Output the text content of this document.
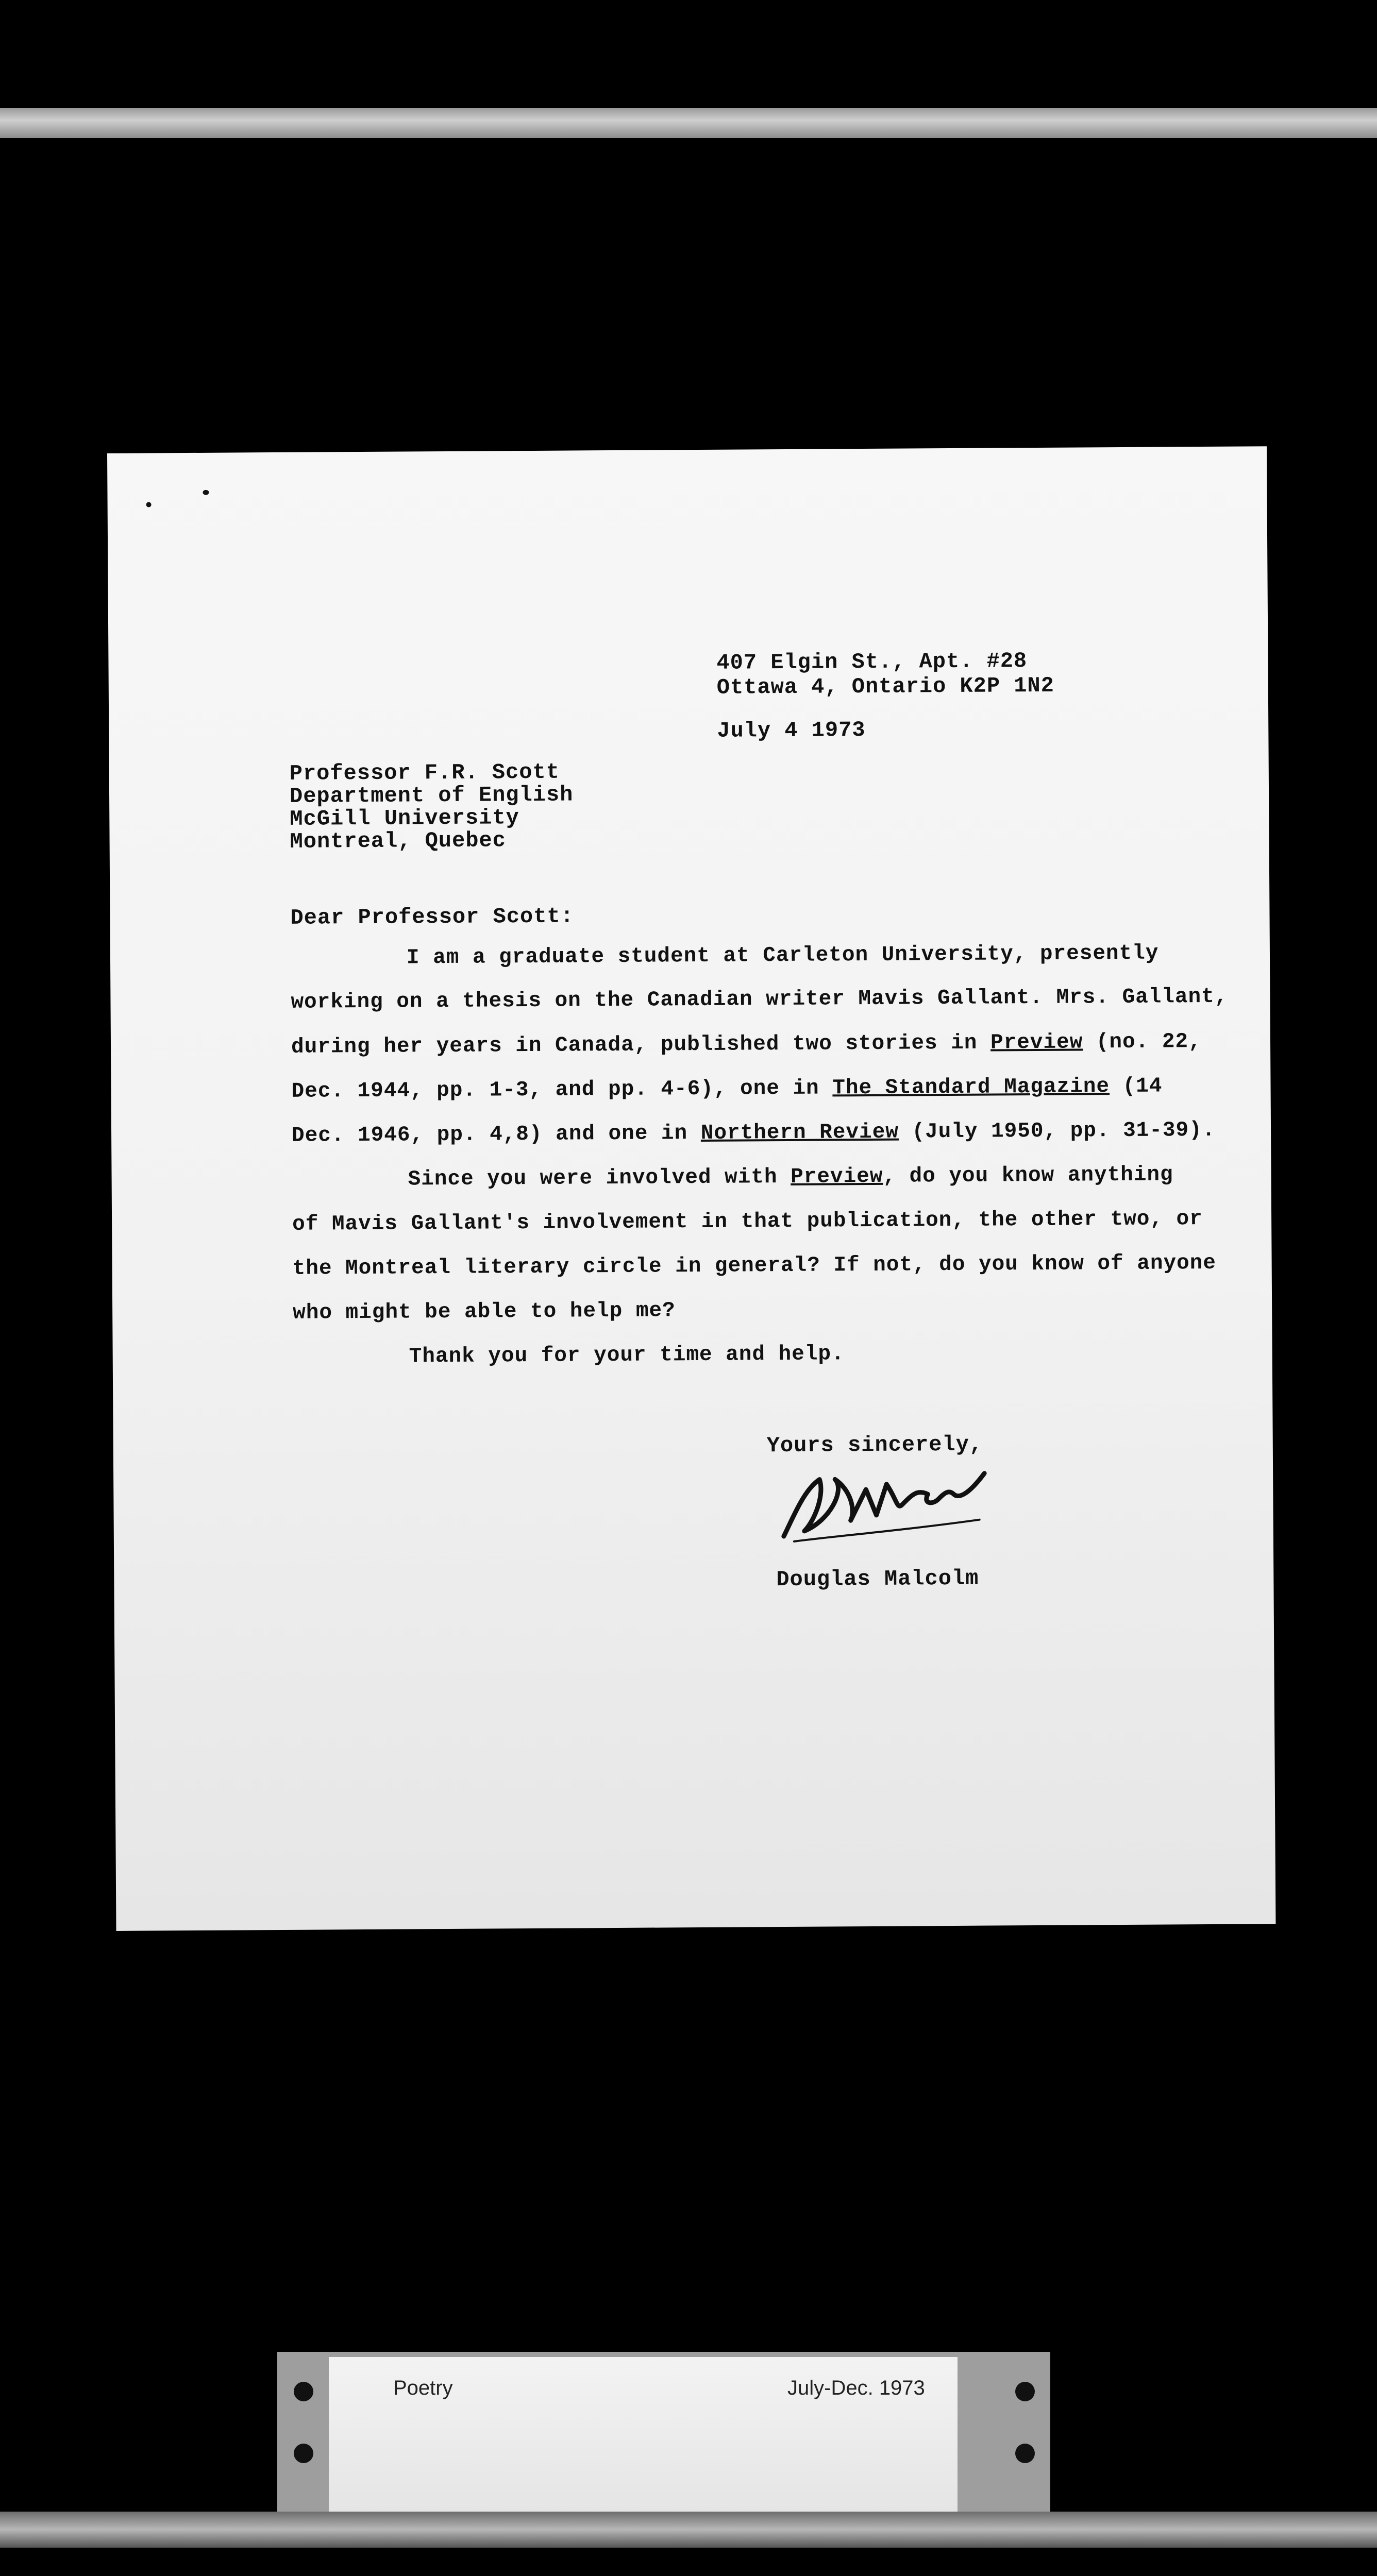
407 Elgin St., Apt. #28
Ottawa 4, Ontario K2P 1N2
July 4 1973
Professor F.R. Scott
Department of English
McGill University
Montreal, Quebec
Dear Professor Scott:
I am a graduate student at Carleton University, presently
working on a thesis on the Canadian writer Mavis Gallant. Mrs. Gallant,
during her years in Canada, published two stories in Preview (no. 22,
Dec. 1944, pp. 1-3, and pp. 4-6), one in The Standard Magazine (14
Dec. 1946, pp. 4,8) and one in Northern Review (July 1950, pp. 31-39).
Since you were involved with Preview, do you know anything
of Mavis Gallant's involvement in that publication, the other two, or
the Montreal literary circle in general? If not, do you know of anyone
who might be able to help me?
Thank you for your time and help.
Yours sincerely,
Douglas Malcolm
Poetry	July-Dec. 1973
